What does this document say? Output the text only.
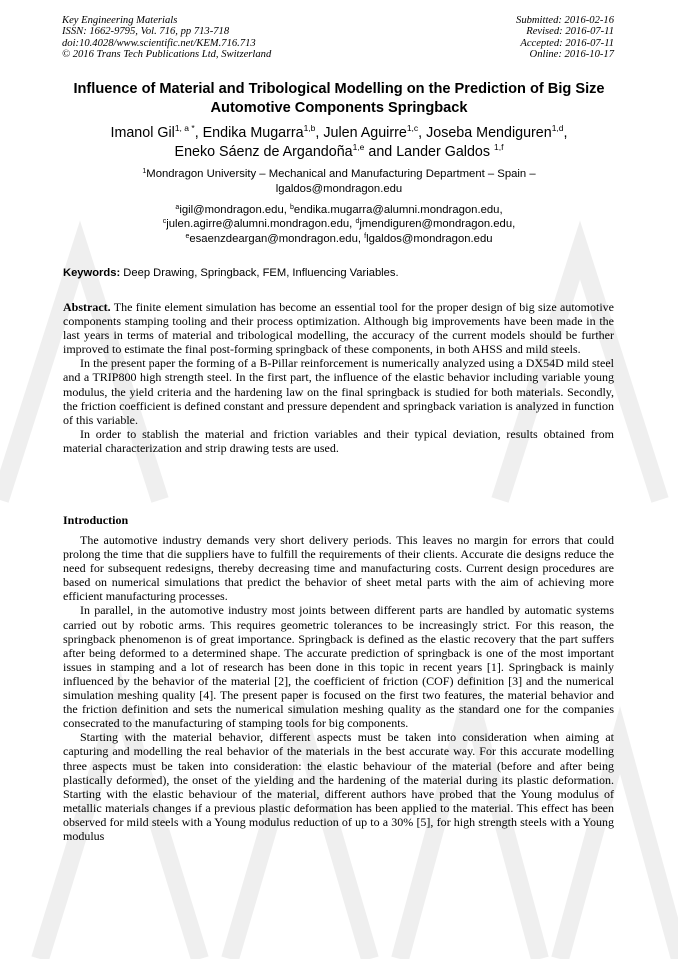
Key Engineering Materials
ISSN: 1662-9795, Vol. 716, pp 713-718
doi:10.4028/www.scientific.net/KEM.716.713
© 2016 Trans Tech Publications Ltd, Switzerland
Submitted: 2016-02-16
Revised: 2016-07-11
Accepted: 2016-07-11
Online: 2016-10-17
Influence of Material and Tribological Modelling on the Prediction of Big Size Automotive Components Springback
Imanol Gil$^{1, a *}$, Endika Mugarra$^{1,b}$, Julen Aguirre$^{1,c}$, Joseba Mendiguren$^{1,d}$,
Eneko Sáenz de Argandoña$^{1,e}$ and Lander Galdos $^{1,f}$
$^1$Mondragon University – Mechanical and Manufacturing Department – Spain –
lgaldos@mondragon.edu
$^a$igil@mondragon.edu, $^b$endika.mugarra@alumni.mondragon.edu,
$^c$julen.agirre@alumni.mondragon.edu, $^d$jmendiguren@mondragon.edu,
$^e$esaenzdeargan@mondragon.edu, $^f$lgaldos@mondragon.edu
Keywords: Deep Drawing, Springback, FEM, Influencing Variables.

Abstract. The finite element simulation has become an essential tool for the proper design of big size automotive components stamping tooling and their process optimization. Although big improvements have been made in the last years in terms of material and tribological modelling, the accuracy of the current models should be further improved to estimate the final post-forming springback of these components, in both AHSS and mild steels.

In the present paper the forming of a B-Pillar reinforcement is numerically analyzed using a DX54D mild steel and a TRIP800 high strength steel. In the first part, the influence of the elastic behavior including variable young modulus, the yield criteria and the hardening law on the final springback is studied for both materials. Secondly, the friction coefficient is defined constant and pressure dependent and springback variation is analyzed in function of this variable.

In order to stablish the material and friction variables and their typical deviation, results obtained from material characterization and strip drawing tests are used.

Introduction

The automotive industry demands very short delivery periods. This leaves no margin for errors that could prolong the time that die suppliers have to fulfill the requirements of their clients. Accurate die designs reduce the need for subsequent redesigns, thereby decreasing time and manufacturing costs. Current design procedures are based on numerical simulations that predict the behavior of sheet metal parts with the aim of achieving more efficient manufacturing processes.

In parallel, in the automotive industry most joints between different parts are handled by automatic systems carried out by robotic arms. This requires geometric tolerances to be increasingly strict. For this reason, the springback phenomenon is of great importance. Springback is defined as the elastic recovery that the part suffers after being deformed to a determined shape. The accurate prediction of springback is one of the most important issues in stamping and a lot of research has been done in this topic in recent years [1]. Springback is mainly influenced by the behavior of the material [2], the coefficient of friction (COF) definition [3] and the numerical simulation meshing quality [4]. The present paper is focused on the first two features, the material behavior and the friction definition and sets the numerical simulation meshing quality as the standard one for the companies consecrated to the manufacturing of stamping tools for big components.

Starting with the material behavior, different aspects must be taken into consideration when aiming at capturing and modelling the real behavior of the materials in the best accurate way. For this accurate modelling three aspects must be taken into consideration: the elastic behaviour of the material (before and after being plastically deformed), the onset of the yielding and the hardening of the material during its plastic deformation. Starting with the elastic behaviour of the material, different authors have probed that the Young modulus of metallic materials changes if a previous plastic deformation has been applied to the material. This effect has been observed for mild steels with a Young modulus reduction of up to a 30% [5], for high strength steels with a Young modulus
